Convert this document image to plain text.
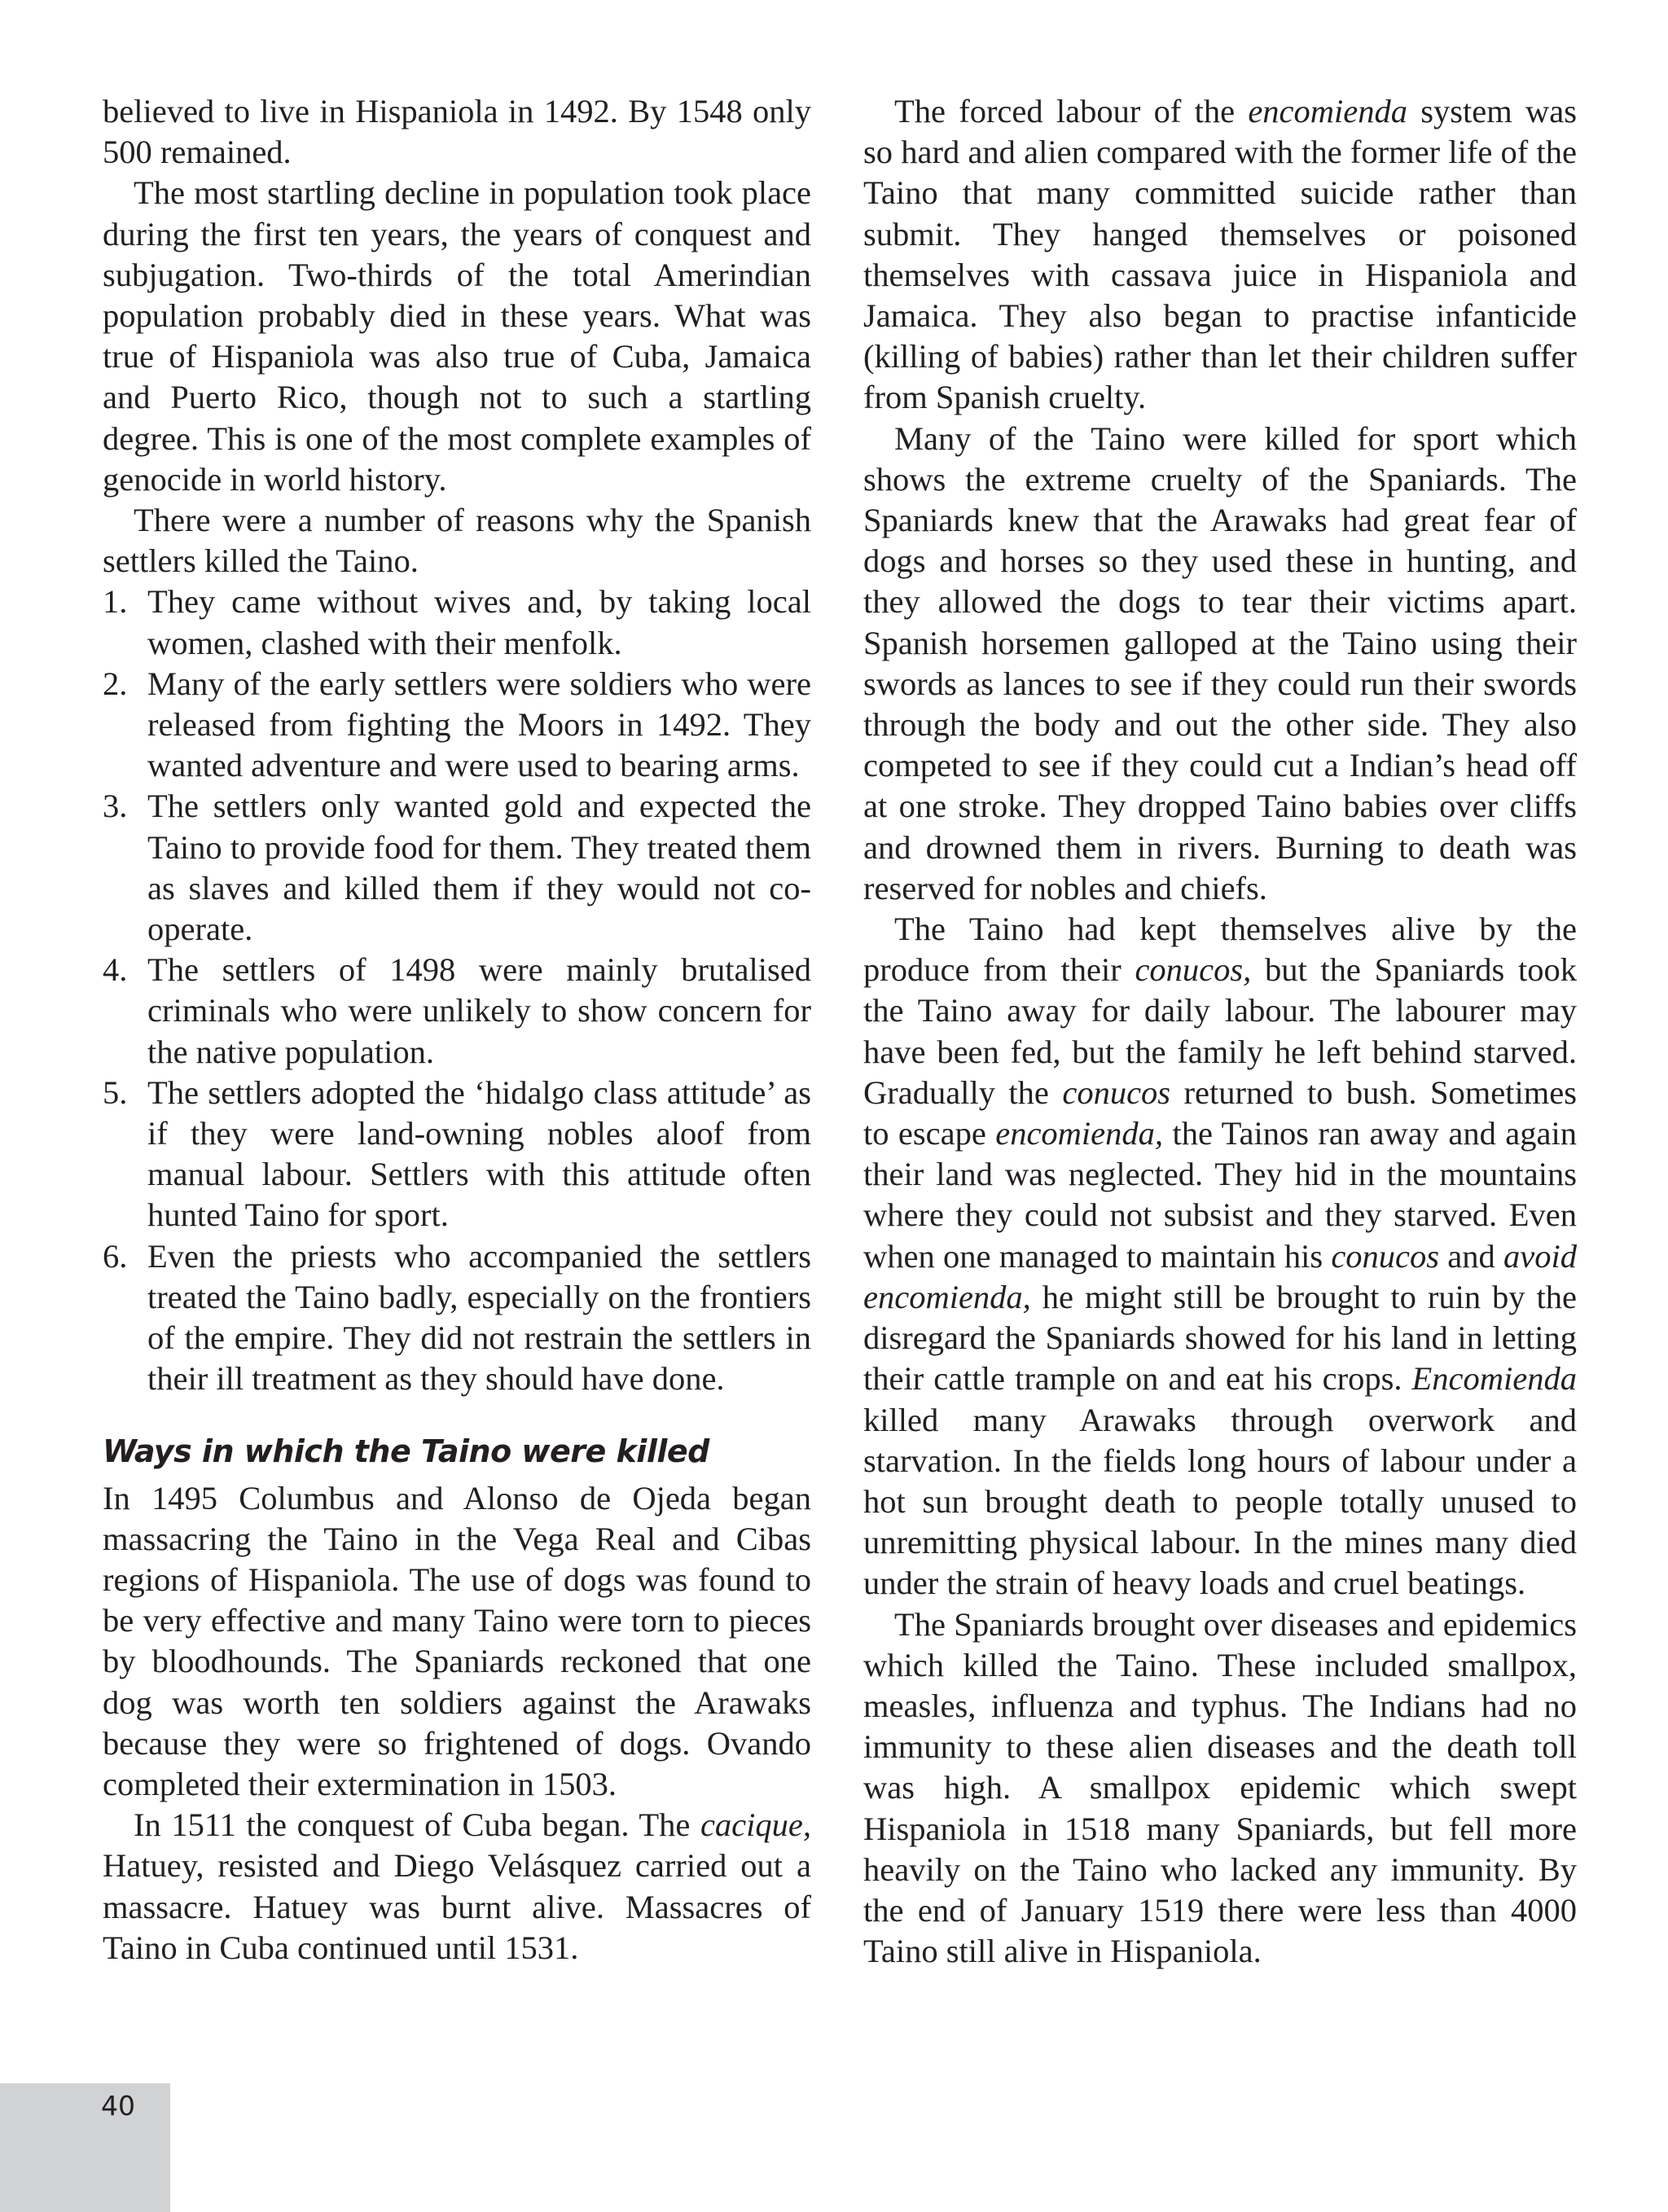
believed to live in Hispaniola in 1492. By 1548 only 500 remained.

The most startling decline in population took place during the first ten years, the years of conquest and subjugation. Two-thirds of the total Amerindian population probably died in these years. What was true of Hispaniola was also true of Cuba, Jamaica and Puerto Rico, though not to such a startling degree. This is one of the most complete examples of genocide in world history.

There were a number of reasons why the Spanish settlers killed the Taino.

1. They came without wives and, by taking local women, clashed with their menfolk.
2. Many of the early settlers were soldiers who were released from fighting the Moors in 1492. They wanted adventure and were used to bearing arms.
3. The settlers only wanted gold and expected the Taino to provide food for them. They treated them as slaves and killed them if they would not co-operate.
4. The settlers of 1498 were mainly brutalised criminals who were unlikely to show concern for the native population.
5. The settlers adopted the ‘hidalgo class attitude’ as if they were land-owning nobles aloof from manual labour. Settlers with this attitude often hunted Taino for sport.
6. Even the priests who accompanied the settlers treated the Taino badly, especially on the frontiers of the empire. They did not restrain the settlers in their ill treatment as they should have done.
Ways in which the Taino were killed

In 1495 Columbus and Alonso de Ojeda began massacring the Taino in the Vega Real and Cibas regions of Hispaniola. The use of dogs was found to be very effective and many Taino were torn to pieces by bloodhounds. The Spaniards reckoned that one dog was worth ten soldiers against the Arawaks because they were so frightened of dogs. Ovando completed their extermination in 1503.

In 1511 the conquest of Cuba began. The cacique, Hatuey, resisted and Diego Velásquez carried out a massacre. Hatuey was burnt alive. Massacres of Taino in Cuba continued until 1531.

The forced labour of the encomienda system was so hard and alien compared with the former life of the Taino that many committed suicide rather than submit. They hanged themselves or poisoned themselves with cassava juice in Hispaniola and Jamaica. They also began to practise infanticide (killing of babies) rather than let their children suffer from Spanish cruelty.

Many of the Taino were killed for sport which shows the extreme cruelty of the Spaniards. The Spaniards knew that the Arawaks had great fear of dogs and horses so they used these in hunting, and they allowed the dogs to tear their victims apart. Spanish horsemen galloped at the Taino using their swords as lances to see if they could run their swords through the body and out the other side. They also competed to see if they could cut a Indian’s head off at one stroke. They dropped Taino babies over cliffs and drowned them in rivers. Burning to death was reserved for nobles and chiefs.

The Taino had kept themselves alive by the produce from their conucos, but the Spaniards took the Taino away for daily labour. The labourer may have been fed, but the family he left behind starved. Gradually the conucos returned to bush. Sometimes to escape encomienda, the Tainos ran away and again their land was neglected. They hid in the mountains where they could not subsist and they starved. Even when one managed to maintain his conucos and avoid encomienda, he might still be brought to ruin by the disregard the Spaniards showed for his land in letting their cattle trample on and eat his crops. Encomienda killed many Arawaks through overwork and starvation. In the fields long hours of labour under a hot sun brought death to people totally unused to unremitting physical labour. In the mines many died under the strain of heavy loads and cruel beatings.

The Spaniards brought over diseases and epidemics which killed the Taino. These included smallpox, measles, influenza and typhus. The Indians had no immunity to these alien diseases and the death toll was high. A smallpox epidemic which swept Hispaniola in 1518 many Spaniards, but fell more heavily on the Taino who lacked any immunity. By the end of January 1519 there were less than 4000 Taino still alive in Hispaniola.

40
